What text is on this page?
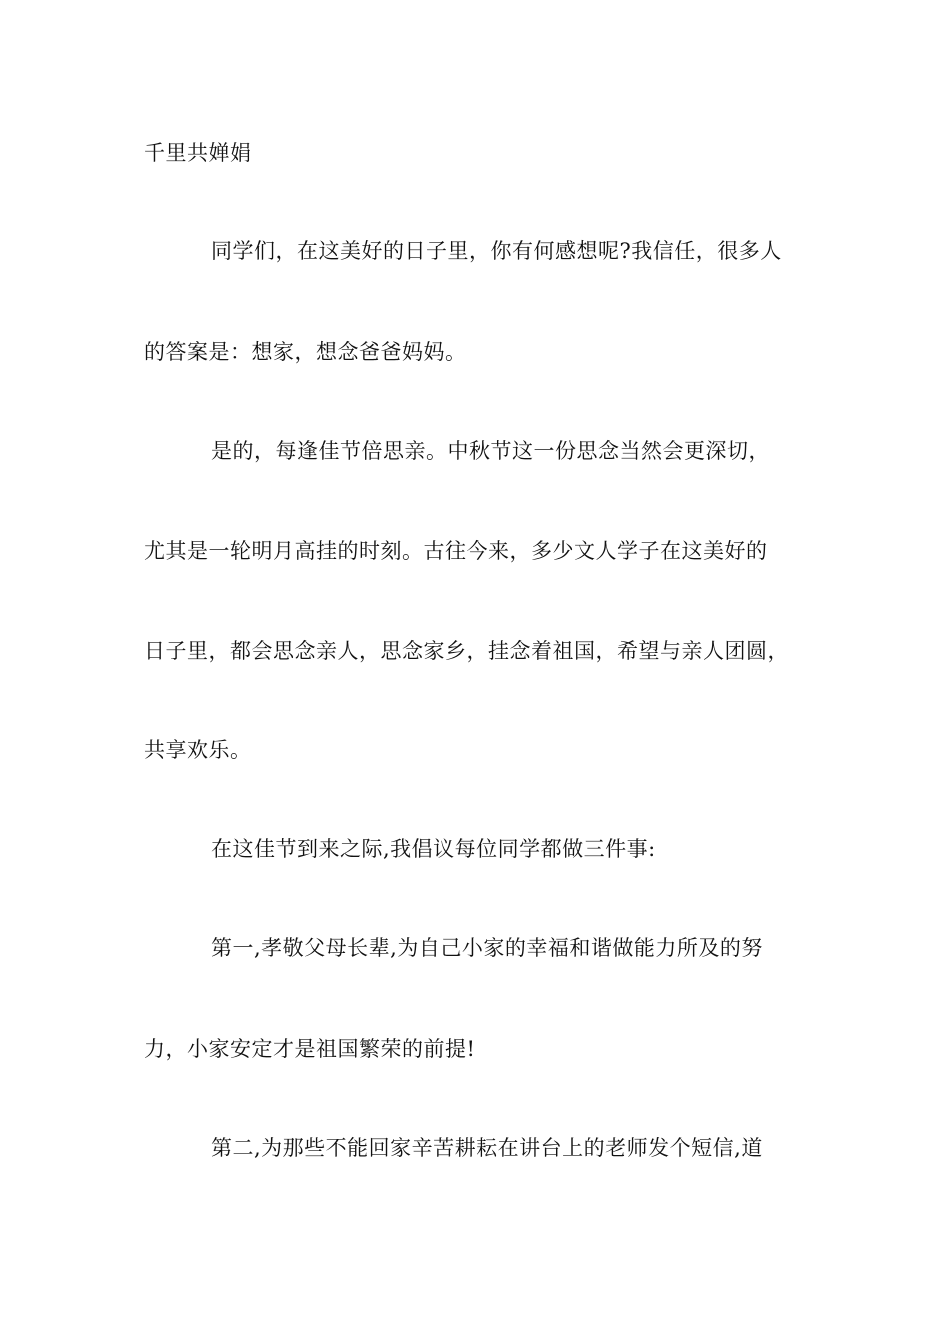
千里共婵娟

同学们，在这美好的日子里，你有何感想呢?我信任，很多人

的答案是：想家，想念爸爸妈妈。

是的，每逢佳节倍思亲。中秋节这一份思念当然会更深切，

尤其是一轮明月高挂的时刻。古往今来，多少文人学子在这美好的

日子里，都会思念亲人，思念家乡，挂念着祖国，希望与亲人团圆，

共享欢乐。

在这佳节到来之际,我倡议每位同学都做三件事:

第一,孝敬父母长辈,为自己小家的幸福和谐做能力所及的努

力，小家安定才是祖国繁荣的前提!

第二,为那些不能回家辛苦耕耘在讲台上的老师发个短信,道
